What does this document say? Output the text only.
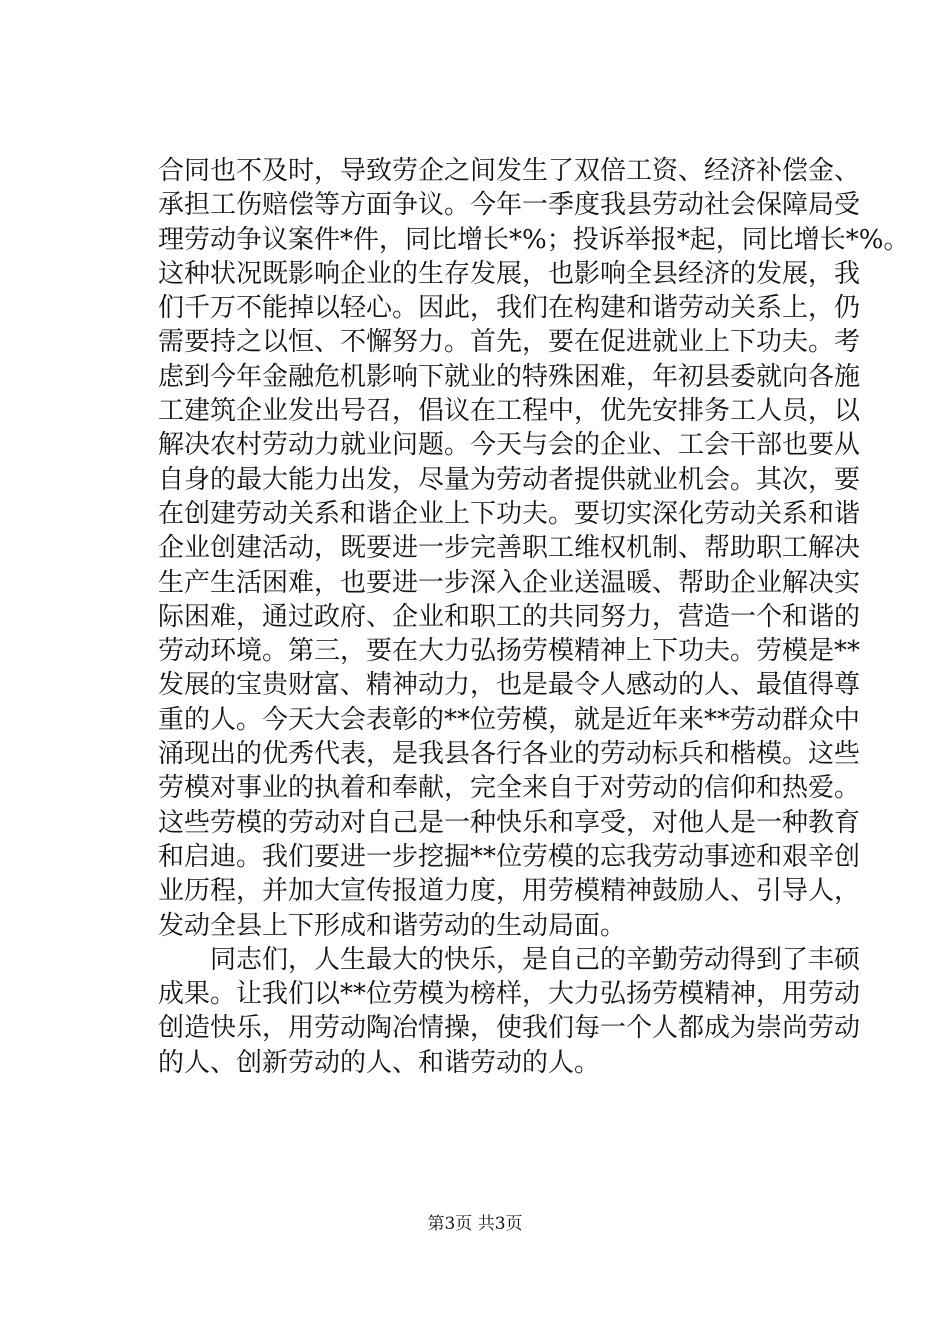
合同也不及时，导致劳企之间发生了双倍工资、经济补偿金、
承担工伤赔偿等方面争议。今年一季度我县劳动社会保障局受
理劳动争议案件*件，同比增长*%；投诉举报*起，同比增长*%。
这种状况既影响企业的生存发展，也影响全县经济的发展，我
们千万不能掉以轻心。因此，我们在构建和谐劳动关系上，仍
需要持之以恒、不懈努力。首先，要在促进就业上下功夫。考
虑到今年金融危机影响下就业的特殊困难，年初县委就向各施
工建筑企业发出号召，倡议在工程中，优先安排务工人员，以
解决农村劳动力就业问题。今天与会的企业、工会干部也要从
自身的最大能力出发，尽量为劳动者提供就业机会。其次，要
在创建劳动关系和谐企业上下功夫。要切实深化劳动关系和谐
企业创建活动，既要进一步完善职工维权机制、帮助职工解决
生产生活困难，也要进一步深入企业送温暖、帮助企业解决实
际困难，通过政府、企业和职工的共同努力，营造一个和谐的
劳动环境。第三，要在大力弘扬劳模精神上下功夫。劳模是**
发展的宝贵财富、精神动力，也是最令人感动的人、最值得尊
重的人。今天大会表彰的**位劳模，就是近年来**劳动群众中
涌现出的优秀代表，是我县各行各业的劳动标兵和楷模。这些
劳模对事业的执着和奉献，完全来自于对劳动的信仰和热爱。
这些劳模的劳动对自己是一种快乐和享受，对他人是一种教育
和启迪。我们要进一步挖掘**位劳模的忘我劳动事迹和艰辛创
业历程，并加大宣传报道力度，用劳模精神鼓励人、引导人，
发动全县上下形成和谐劳动的生动局面。
同志们，人生最大的快乐，是自己的辛勤劳动得到了丰硕
成果。让我们以**位劳模为榜样，大力弘扬劳模精神，用劳动
创造快乐，用劳动陶冶情操，使我们每一个人都成为崇尚劳动
的人、创新劳动的人、和谐劳动的人。
第3页 共3页
